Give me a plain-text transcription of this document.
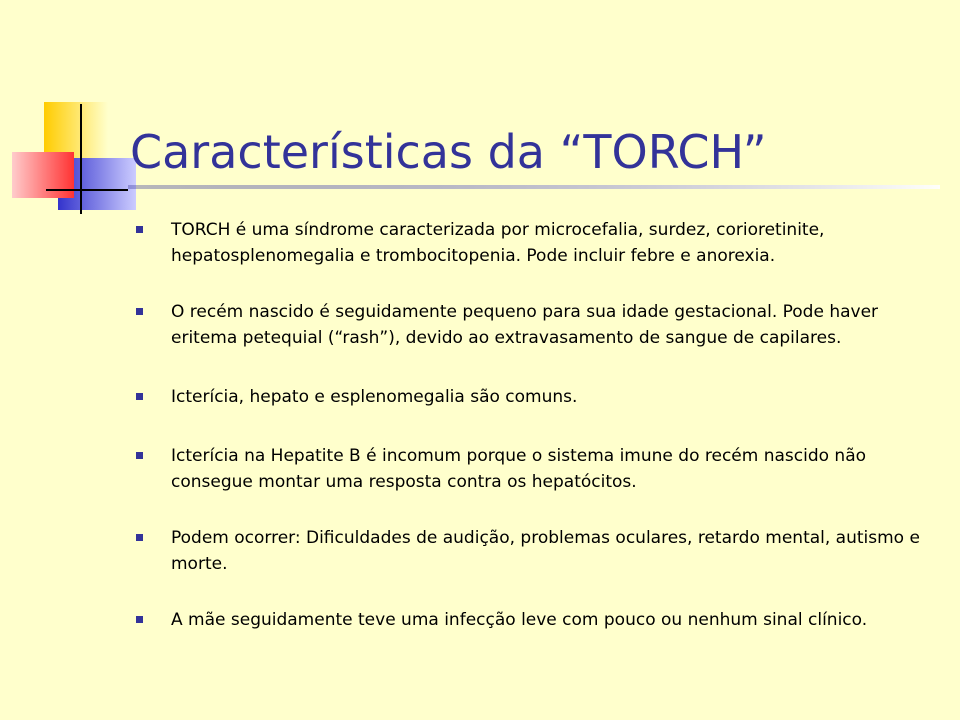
Características da “TORCH”
TORCH é uma síndrome caracterizada por microcefalia, surdez, corioretinite, hepatosplenomegalia e trombocitopenia. Pode incluir febre e anorexia.
O recém nascido é seguidamente pequeno para sua idade gestacional. Pode haver eritema petequial (“rash”), devido ao extravasamento de sangue de capilares.
Icterícia, hepato e esplenomegalia são comuns.
Icterícia na Hepatite B é incomum porque o sistema imune do recém nascido não consegue montar uma resposta contra os hepatócitos.
Podem ocorrer: Dificuldades de audição, problemas oculares, retardo mental, autismo e morte.
A mãe seguidamente teve uma infecção leve com pouco ou nenhum sinal clínico.
